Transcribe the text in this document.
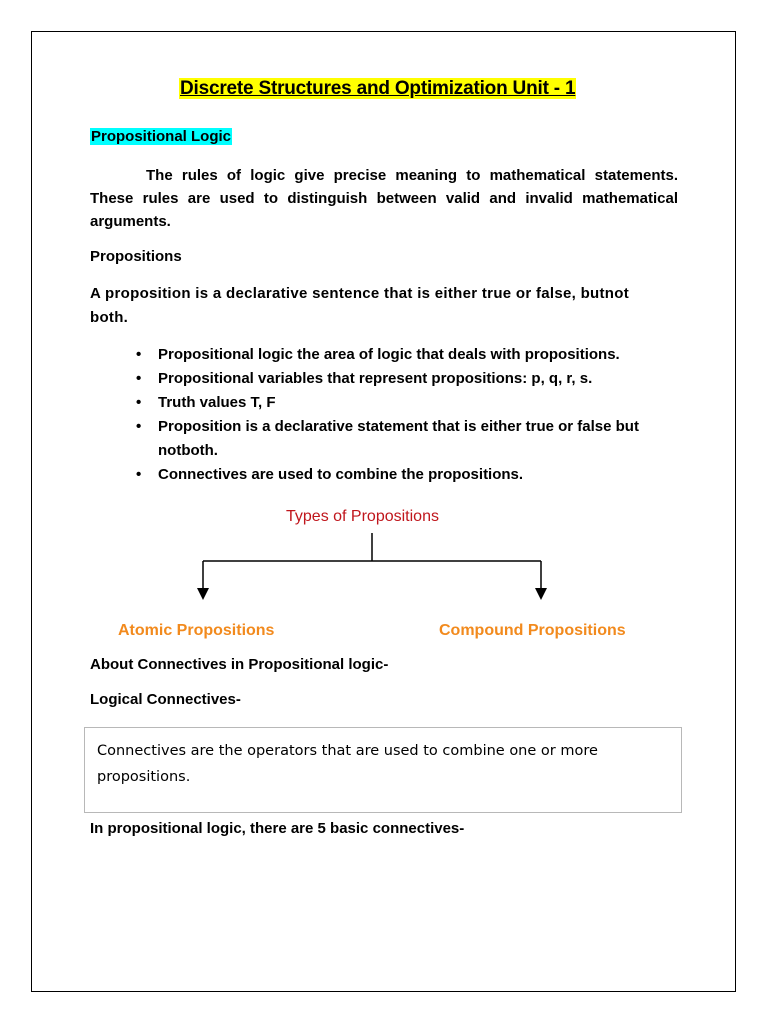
Discrete Structures and Optimization Unit - 1
Propositional Logic
The rules of logic give precise meaning to mathematical statements. These rules are used to distinguish between valid and invalid mathematical arguments.
Propositions
A proposition is a declarative sentence that is either true or false, butnot both.
• Propositional logic the area of logic that deals with propositions.
• Propositional variables that represent propositions: p, q, r, s.
• Truth values T, F
• Proposition is a declarative statement that is either true or false but notboth.
• Connectives are used to combine the propositions.
Types of Propositions
Atomic Propositions	Compound Propositions
About Connectives in Propositional logic-
Logical Connectives-

Connectives are the operators that are used to combine one or more propositions.

In propositional logic, there are 5 basic connectives-
